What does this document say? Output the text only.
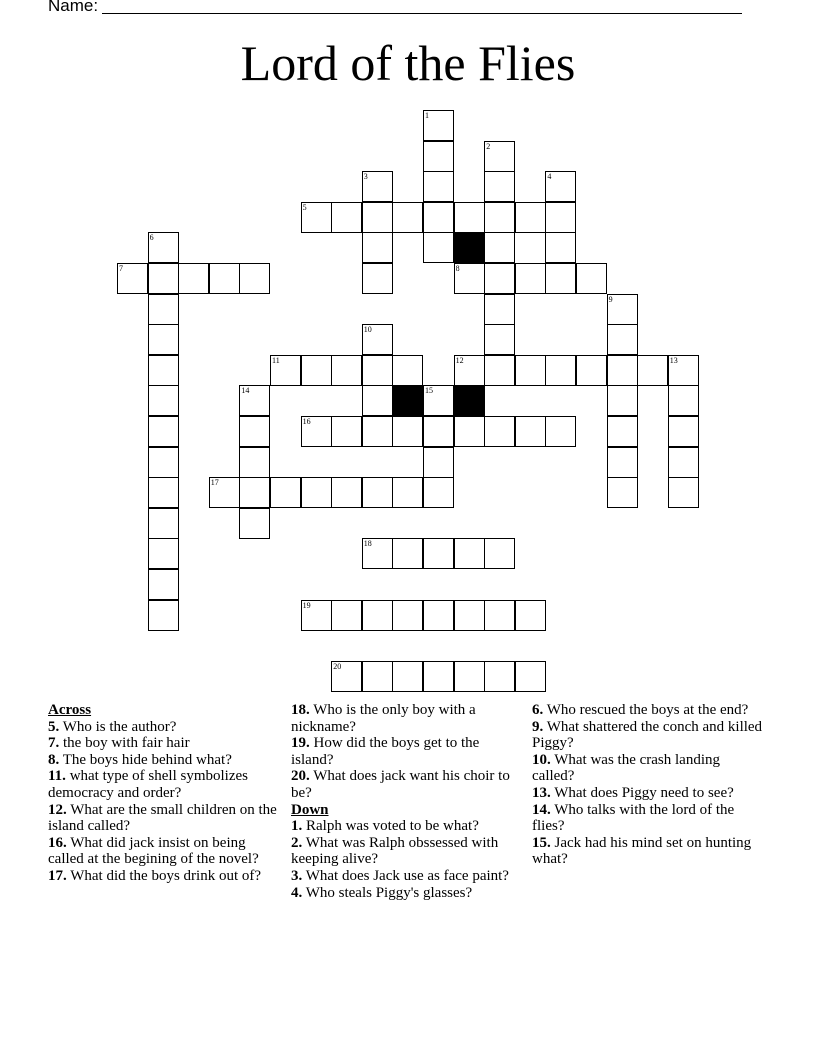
Name:
Lord of the Flies
1
2
3	4
5
6
7	8
9
10
11	12	13
14	15
16
17
18
19
20
Across
5. Who is the author?
7. the boy with fair hair
8. The boys hide behind what?
11. what type of shell symbolizes democracy and order?
12. What are the small children on the island called?
16. What did jack insist on being called at the begining of the novel?
17. What did the boys drink out of?
18. Who is the only boy with a nickname?
19. How did the boys get to the island?
20. What does jack want his choir to be?
Down
1. Ralph was voted to be what?
2. What was Ralph obssessed with keeping alive?
3. What does Jack use as face paint?
4. Who steals Piggy's glasses?
6. Who rescued the boys at the end?
9. What shattered the conch and killed Piggy?
10. What was the crash landing called?
13. What does Piggy need to see?
14. Who talks with the lord of the flies?
15. Jack had his mind set on hunting what?
